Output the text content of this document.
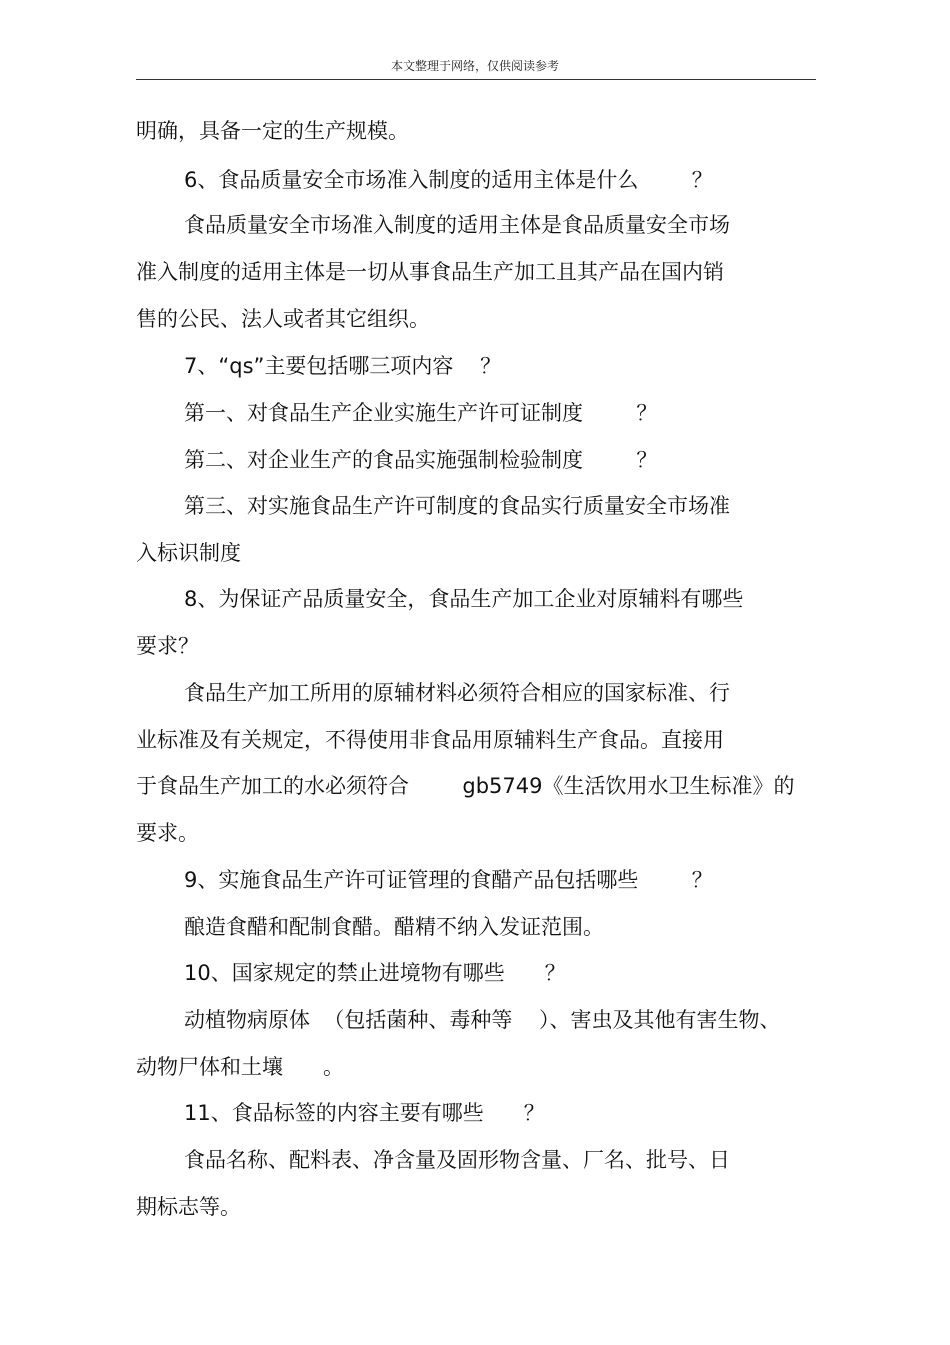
本文整理于网络，仅供阅读参考
明确，具备一定的生产规模。
6、食品质量安全市场准入制度的适用主体是什么        ？
食品质量安全市场准入制度的适用主体是食品质量安全市场
准入制度的适用主体是一切从事食品生产加工且其产品在国内销
售的公民、法人或者其它组织。
7、“qs”主要包括哪三项内容    ？
第一、对食品生产企业实施生产许可证制度        ？
第二、对企业生产的食品实施强制检验制度        ？
第三、对实施食品生产许可制度的食品实行质量安全市场准
入标识制度
8、为保证产品质量安全，食品生产加工企业对原辅料有哪些
要求？
食品生产加工所用的原辅材料必须符合相应的国家标准、行
业标准及有关规定，不得使用非食品用原辅料生产食品。直接用
于食品生产加工的水必须符合        gb5749《生活饮用水卫生标准》的
要求。
9、实施食品生产许可证管理的食醋产品包括哪些        ？
酿造食醋和配制食醋。醋精不纳入发证范围。
10、国家规定的禁止进境物有哪些      ？
动植物病原体  （包括菌种、毒种等    ）、害虫及其他有害生物、
动物尸体和土壤      。
11、食品标签的内容主要有哪些      ？
食品名称、配料表、净含量及固形物含量、厂名、批号、日
期标志等。
